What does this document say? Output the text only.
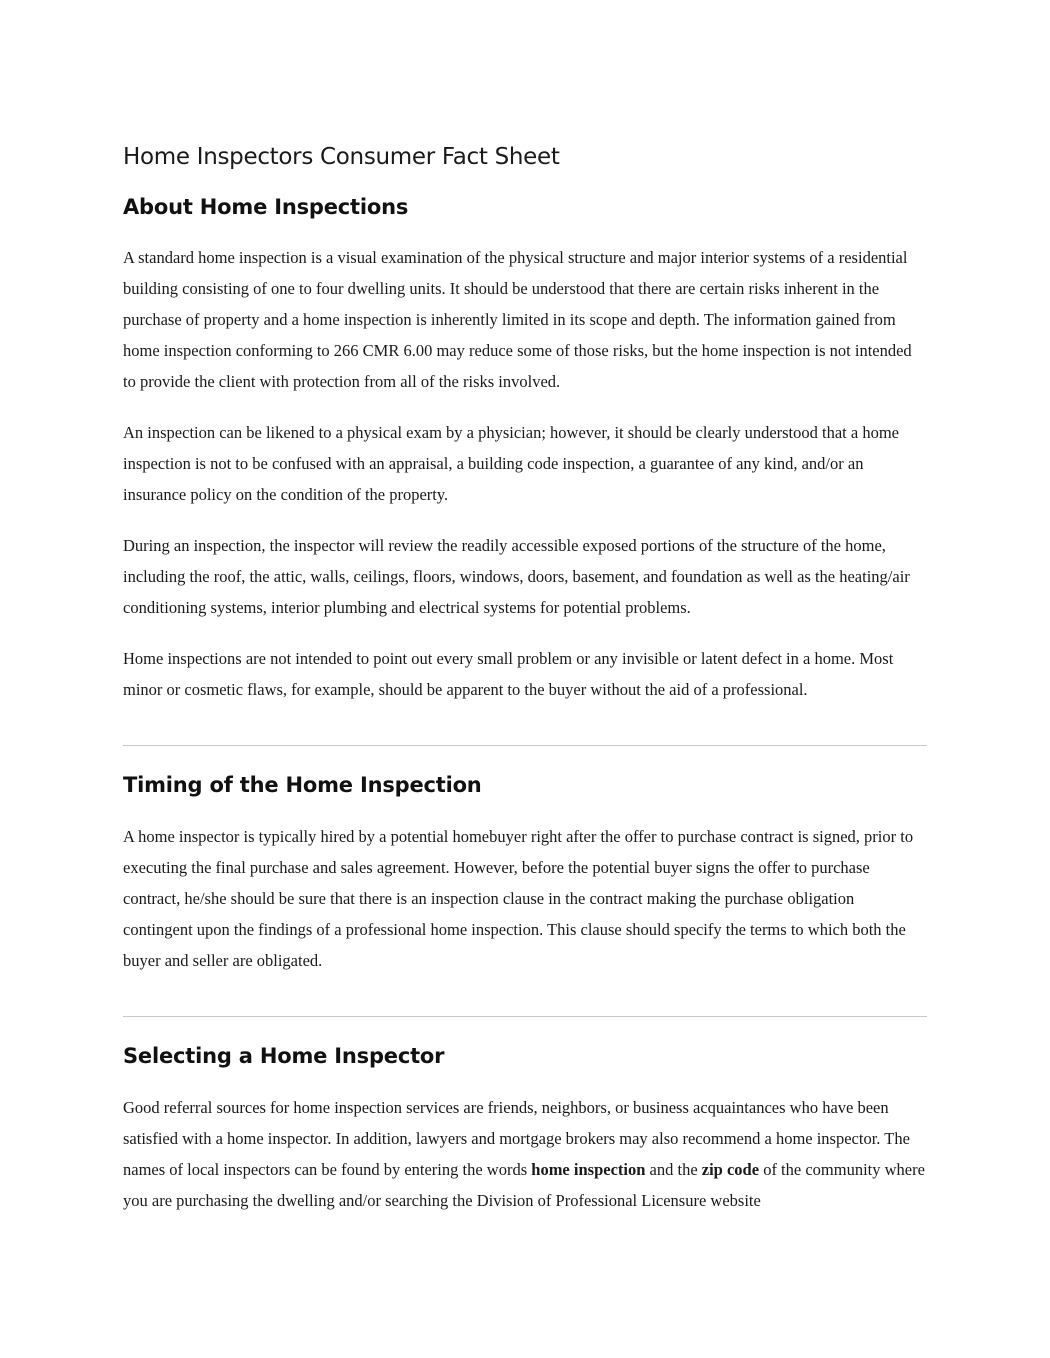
Home Inspectors Consumer Fact Sheet
About Home Inspections

A standard home inspection is a visual examination of the physical structure and major interior systems of a residential building consisting of one to four dwelling units. It should be understood that there are certain risks inherent in the purchase of property and a home inspection is inherently limited in its scope and depth. The information gained from home inspection conforming to 266 CMR 6.00 may reduce some of those risks, but the home inspection is not intended to provide the client with protection from all of the risks involved.

An inspection can be likened to a physical exam by a physician; however, it should be clearly understood that a home inspection is not to be confused with an appraisal, a building code inspection, a guarantee of any kind, and/or an insurance policy on the condition of the property.

During an inspection, the inspector will review the readily accessible exposed portions of the structure of the home, including the roof, the attic, walls, ceilings, floors, windows, doors, basement, and foundation as well as the heating/air conditioning systems, interior plumbing and electrical systems for potential problems.

Home inspections are not intended to point out every small problem or any invisible or latent defect in a home. Most minor or cosmetic flaws, for example, should be apparent to the buyer without the aid of a professional.

Timing of the Home Inspection

A home inspector is typically hired by a potential homebuyer right after the offer to purchase contract is signed, prior to executing the final purchase and sales agreement. However, before the potential buyer signs the offer to purchase contract, he/she should be sure that there is an inspection clause in the contract making the purchase obligation contingent upon the findings of a professional home inspection. This clause should specify the terms to which both the buyer and seller are obligated.

Selecting a Home Inspector

Good referral sources for home inspection services are friends, neighbors, or business acquaintances who have been satisfied with a home inspector. In addition, lawyers and mortgage brokers may also recommend a home inspector. The names of local inspectors can be found by entering the words home inspection and the zip code of the community where you are purchasing the dwelling and/or searching the Division of Professional Licensure website
